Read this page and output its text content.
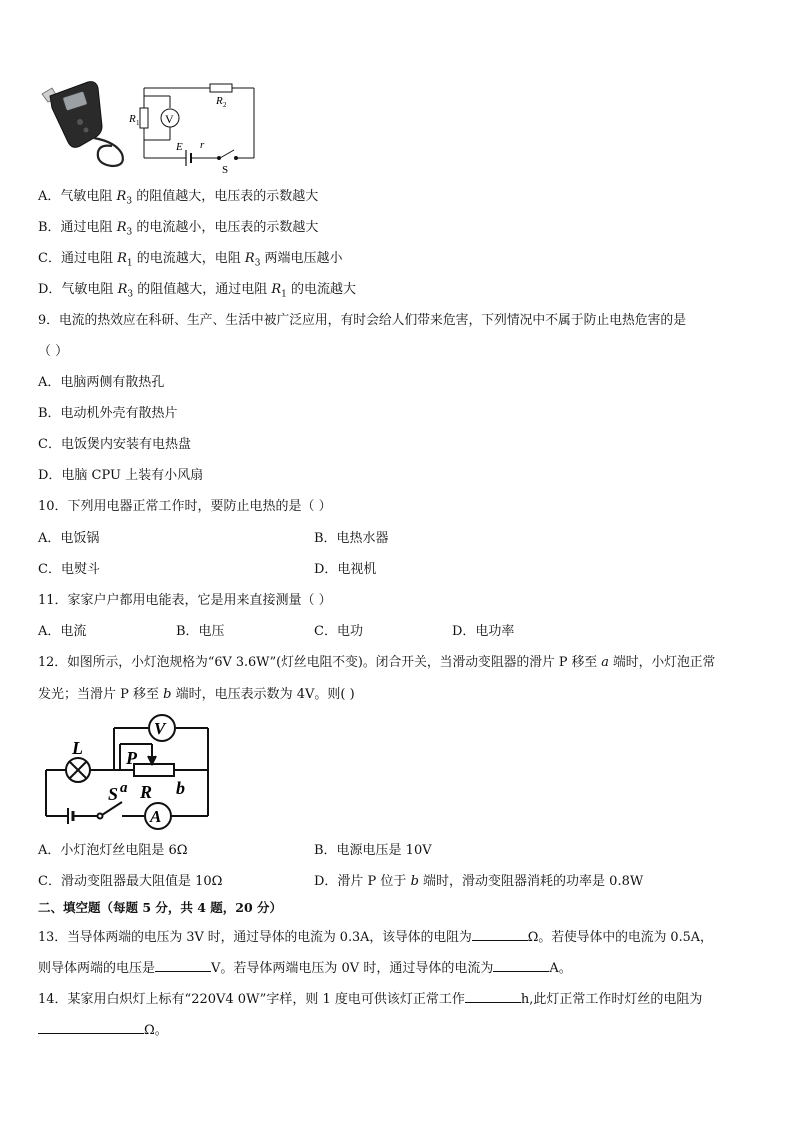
V
R 1
R 2
E r
S
A．气敏电阻 $R_3$ 的阻值越大，电压表的示数越大
B．通过电阻 $R_3$ 的电流越小，电压表的示数越大
C．通过电阻 $R_1$ 的电流越大，电阻 $R_3$ 两端电压越小
D．气敏电阻 $R_3$ 的阻值越大，通过电阻 $R_1$ 的电流越大
9．电流的热效应在科研、生产、生活中被广泛应用，有时会给人们带来危害，下列情况中不属于防止电热危害的是
（ ）
A．电脑两侧有散热孔
B．电动机外壳有散热片
C．电饭煲内安装有电热盘
D．电脑 CPU 上装有小风扇
10．下列用电器正常工作时，要防止电热的是（ ）
A．电饭锅	B．电热水器
C．电熨斗	D．电视机
11．家家户户都用电能表，它是用来直接测量（ ）
A．电流	B．电压	C．电功	D．电功率
12．如图所示，小灯泡规格为“6V 3.6W”(灯丝电阻不变)。闭合开关，当滑动变阻器的滑片 P 移至 a 端时，小灯泡正常
发光；当滑片 P 移至 b 端时，电压表示数为 4V。则( )
V
L P
R b
a
S
A
A．小灯泡灯丝电阻是 6Ω	B．电源电压是 10V
C．滑动变阻器最大阻值是 10Ω	D．滑片 P 位于 b 端时，滑动变阻器消耗的功率是 0.8W
二、填空题（每题 5 分，共 4 题，20 分）
13．当导体两端的电压为 3V 时，通过导体的电流为 0.3A，该导体的电阻为	Ω。若使导体中的电流为 0.5A，
则导体两端的电压是	V。若导体两端电压为 0V 时，通过导体的电流为	A。
14．某家用白炽灯上标有“220V4 0W”字样，则 1 度电可供该灯正常工作	h,此灯正常工作时灯丝的电阻为
Ω。
